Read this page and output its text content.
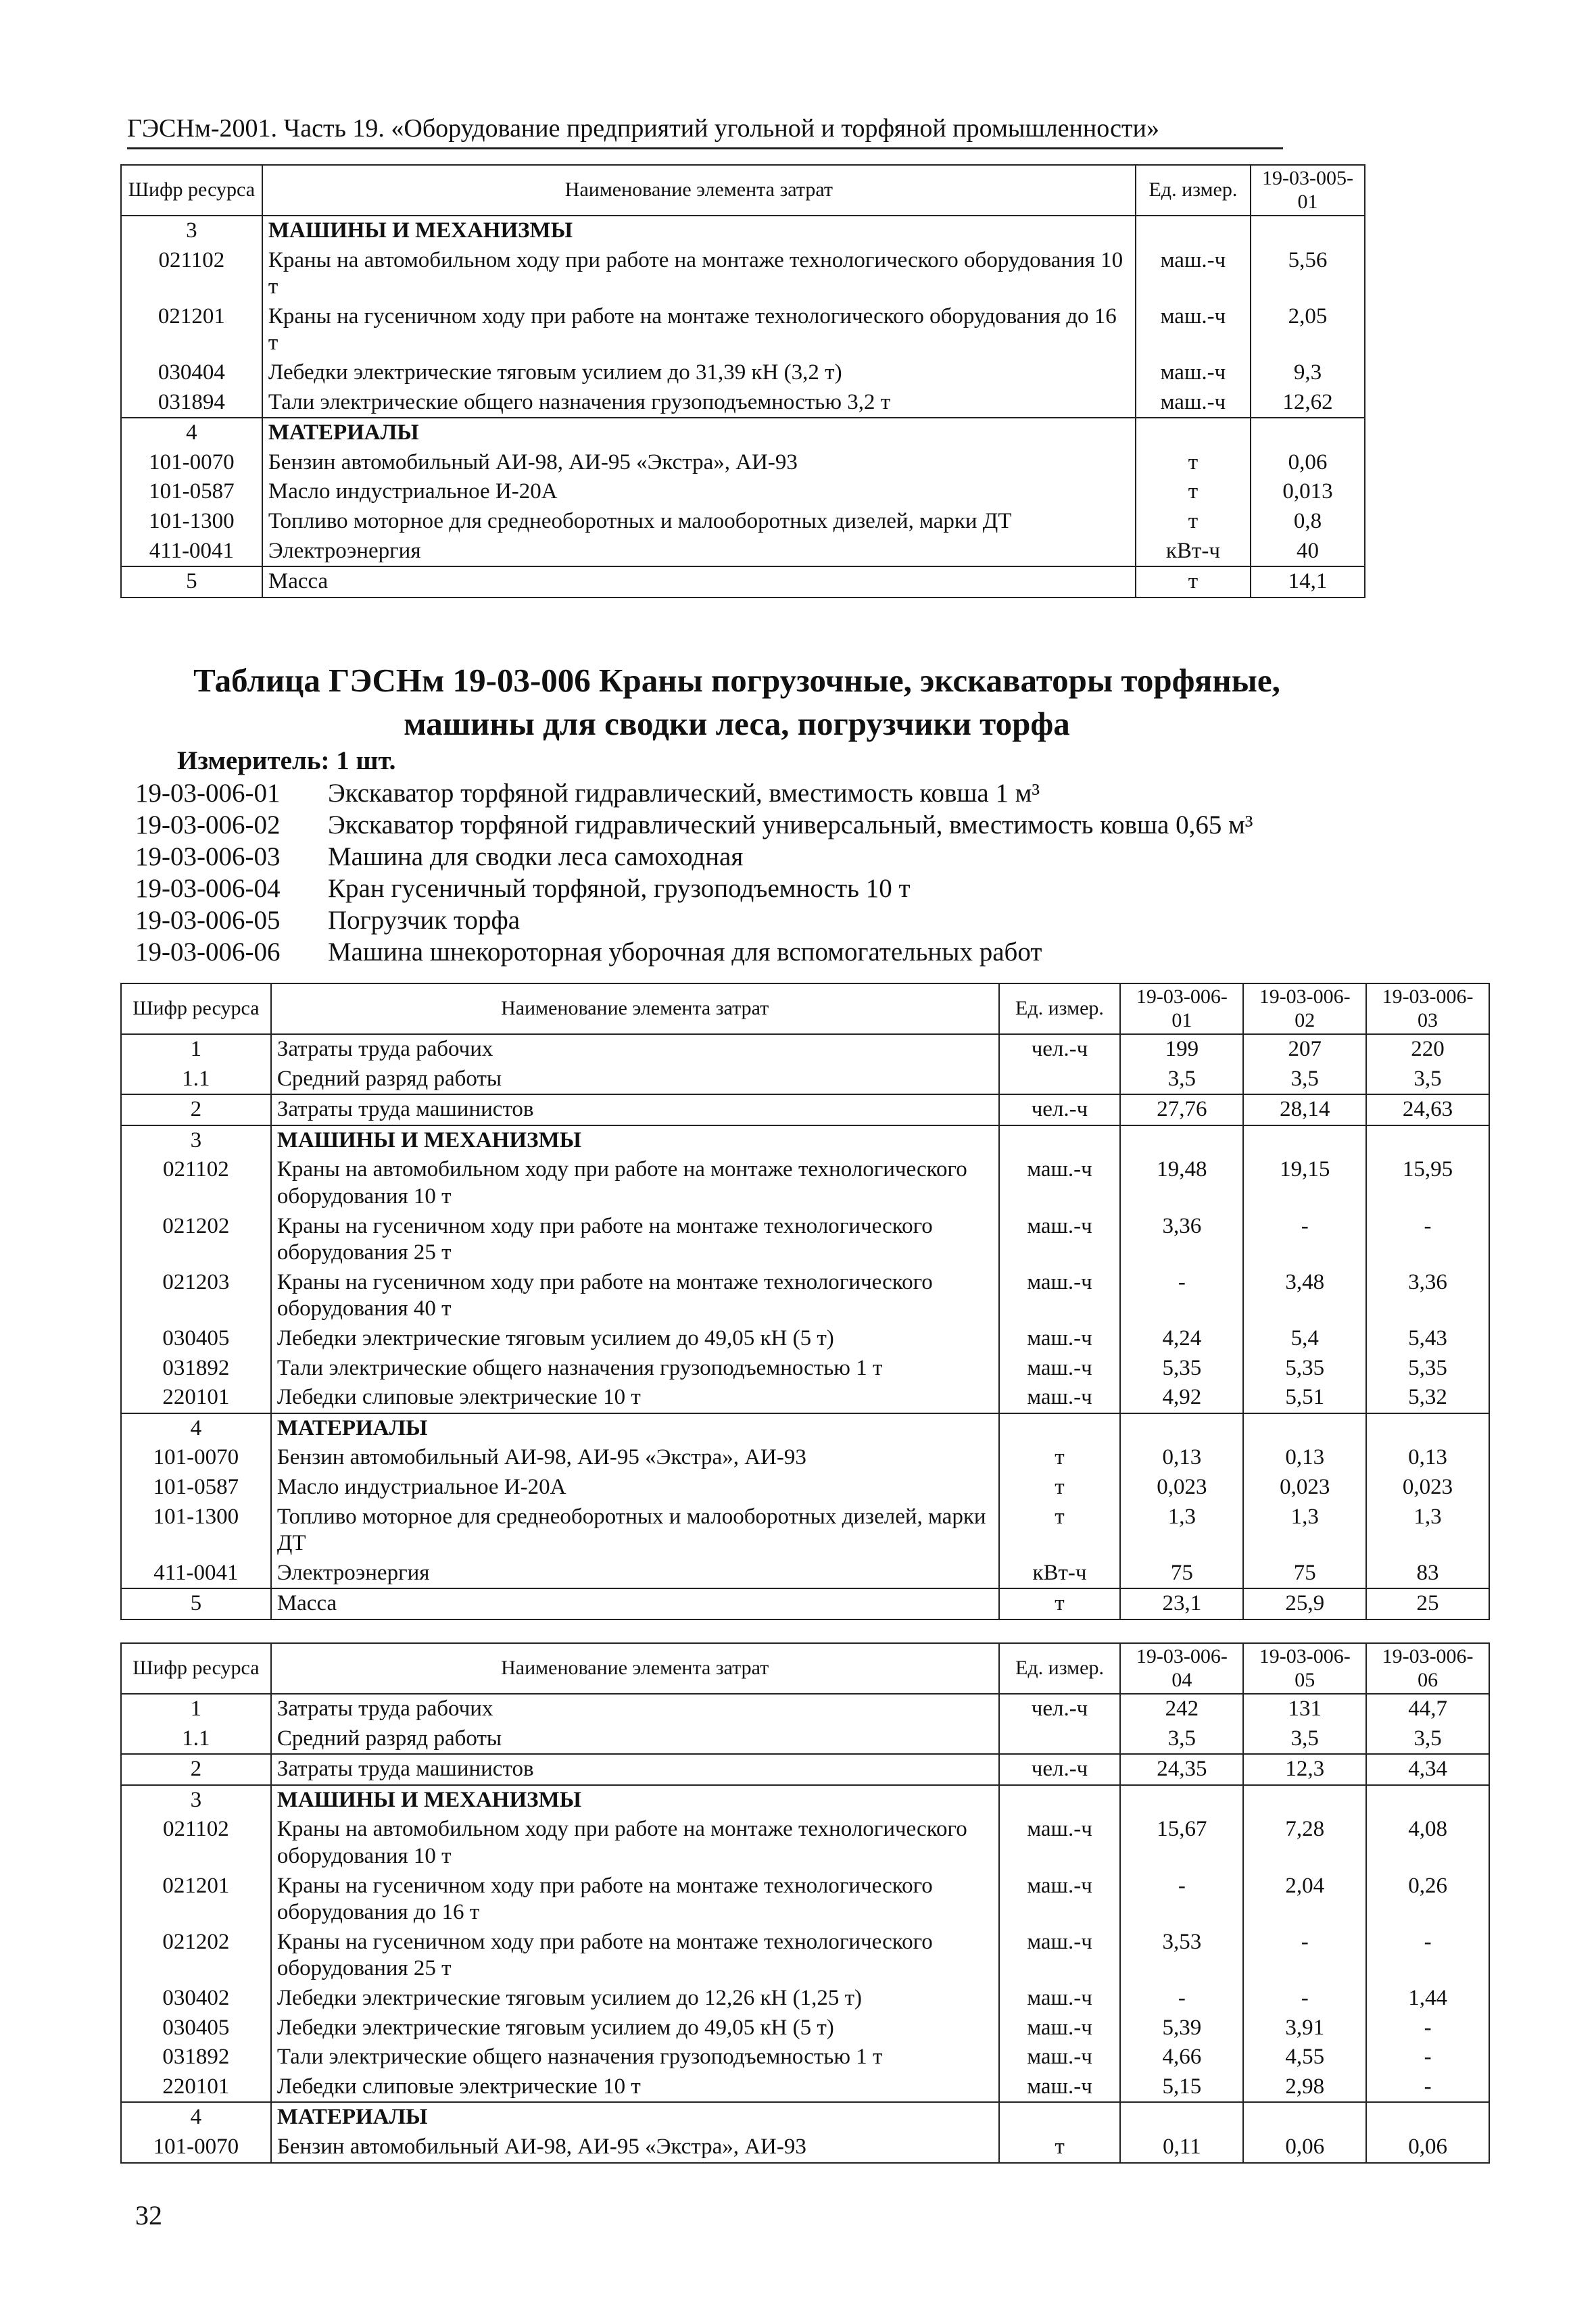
ГЭСНм-2001. Часть 19. «Оборудование предприятий угольной и торфяной промышленности»
Шифр ресурса	Наименование элемента затрат	Ед. измер.	19-03-005-01
3	МАШИНЫ И МЕХАНИЗМЫ		
021102	Краны на автомобильном ходу при работе на монтаже технологического оборудования 10 т	маш.-ч	5,56
021201	Краны на гусеничном ходу при работе на монтаже технологического оборудования до 16 т	маш.-ч	2,05
030404	Лебедки электрические тяговым усилием до 31,39 кН (3,2 т)	маш.-ч	9,3
031894	Тали электрические общего назначения грузоподъемностью 3,2 т	маш.-ч	12,62
4	МАТЕРИАЛЫ		
101-0070	Бензин автомобильный АИ-98, АИ-95 «Экстра», АИ-93	т	0,06
101-0587	Масло индустриальное И-20А	т	0,013
101-1300	Топливо моторное для среднеоборотных и малооборотных дизелей, марки ДТ	т	0,8
411-0041	Электроэнергия	кВт-ч	40
5	Масса	т	14,1
Таблица ГЭСНм 19-03-006 Краны погрузочные, экскаваторы торфяные, машины для сводки леса, погрузчики торфа
Измеритель: 1 шт.
19-03-006-01 Экскаватор торфяной гидравлический, вместимость ковша 1 м³
19-03-006-02 Экскаватор торфяной гидравлический универсальный, вместимость ковша 0,65 м³
19-03-006-03 Машина для сводки леса самоходная
19-03-006-04 Кран гусеничный торфяной, грузоподъемность 10 т
19-03-006-05 Погрузчик торфа
19-03-006-06 Машина шнекороторная уборочная для вспомогательных работ
Шифр ресурса	Наименование элемента затрат	Ед. измер.	19-03-006-01	19-03-006-02	19-03-006-03
1	Затраты труда рабочих	чел.-ч	199	207	220
1.1	Средний разряд работы		3,5	3,5	3,5
2	Затраты труда машинистов	чел.-ч	27,76	28,14	24,63
3	МАШИНЫ И МЕХАНИЗМЫ				
021102	Краны на автомобильном ходу при работе на монтаже технологического оборудования 10 т	маш.-ч	19,48	19,15	15,95
021202	Краны на гусеничном ходу при работе на монтаже технологического оборудования 25 т	маш.-ч	3,36	-	-
021203	Краны на гусеничном ходу при работе на монтаже технологического оборудования 40 т	маш.-ч	-	3,48	3,36
030405	Лебедки электрические тяговым усилием до 49,05 кН (5 т)	маш.-ч	4,24	5,4	5,43
031892	Тали электрические общего назначения грузоподъемностью 1 т	маш.-ч	5,35	5,35	5,35
220101	Лебедки слиповые электрические 10 т	маш.-ч	4,92	5,51	5,32
4	МАТЕРИАЛЫ				
101-0070	Бензин автомобильный АИ-98, АИ-95 «Экстра», АИ-93	т	0,13	0,13	0,13
101-0587	Масло индустриальное И-20А	т	0,023	0,023	0,023
101-1300	Топливо моторное для среднеоборотных и малооборотных дизелей, марки ДТ	т	1,3	1,3	1,3
411-0041	Электроэнергия	кВт-ч	75	75	83
5	Масса	т	23,1	25,9	25
Шифр ресурса	Наименование элемента затрат	Ед. измер.	19-03-006-04	19-03-006-05	19-03-006-06
1	Затраты труда рабочих	чел.-ч	242	131	44,7
1.1	Средний разряд работы		3,5	3,5	3,5
2	Затраты труда машинистов	чел.-ч	24,35	12,3	4,34
3	МАШИНЫ И МЕХАНИЗМЫ				
021102	Краны на автомобильном ходу при работе на монтаже технологического оборудования 10 т	маш.-ч	15,67	7,28	4,08
021201	Краны на гусеничном ходу при работе на монтаже технологического оборудования до 16 т	маш.-ч	-	2,04	0,26
021202	Краны на гусеничном ходу при работе на монтаже технологического оборудования 25 т	маш.-ч	3,53	-	-
030402	Лебедки электрические тяговым усилием до 12,26 кН (1,25 т)	маш.-ч	-	-	1,44
030405	Лебедки электрические тяговым усилием до 49,05 кН (5 т)	маш.-ч	5,39	3,91	-
031892	Тали электрические общего назначения грузоподъемностью 1 т	маш.-ч	4,66	4,55	-
220101	Лебедки слиповые электрические 10 т	маш.-ч	5,15	2,98	-
4	МАТЕРИАЛЫ				
101-0070	Бензин автомобильный АИ-98, АИ-95 «Экстра», АИ-93	т	0,11	0,06	0,06
32
